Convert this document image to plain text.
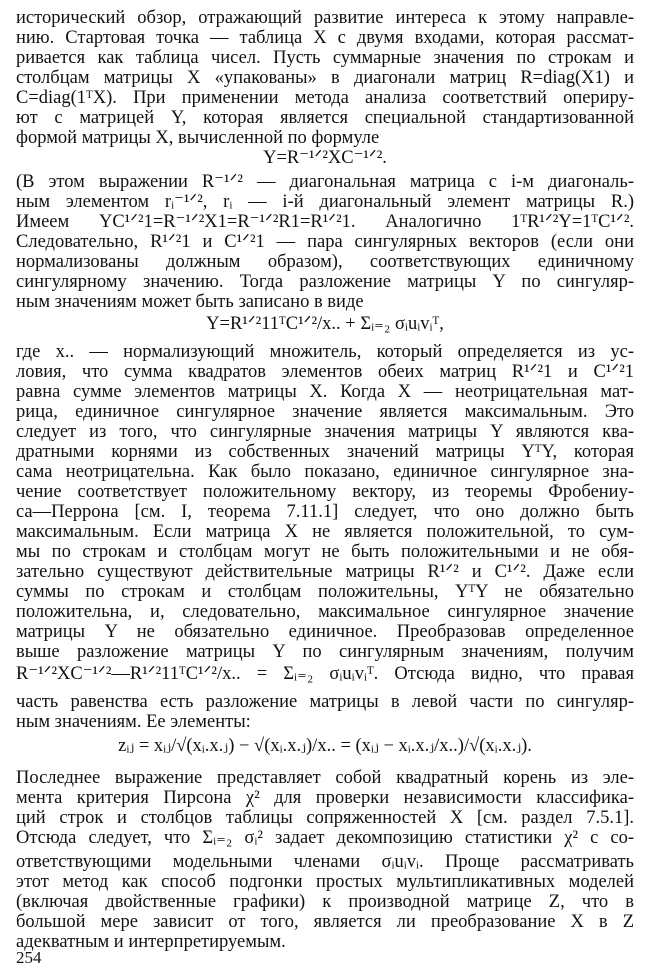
исторический обзор, отражающий развитие интереса к этому направле-
нию. Стартовая точка — таблица X с двумя входами, которая рассмат-
ривается как таблица чисел. Пусть суммарные значения по строкам и
столбцам матрицы X «упакованы» в диагонали матриц R=diag(X1) и
C=diag(1ᵀX). При применении метода анализа соответствий опериру-
ют с матрицей Y, которая является специальной стандартизованной
формой матрицы X, вычисленной по формуле
Y=R⁻¹ᐟ²XC⁻¹ᐟ².
(В этом выражении R⁻¹ᐟ² — диагональная матрица с i-м диагональ-
ным элементом rᵢ⁻¹ᐟ², rᵢ — i-й диагональный элемент матрицы R.)
Имеем YC¹ᐟ²1=R⁻¹ᐟ²X1=R⁻¹ᐟ²R1=R¹ᐟ²1. Аналогично 1ᵀR¹ᐟ²Y=1ᵀC¹ᐟ².
Следовательно, R¹ᐟ²1 и C¹ᐟ²1 — пара сингулярных векторов (если они
нормализованы должным образом), соответствующих единичному
сингулярному значению. Тогда разложение матрицы Y по сингуляр-
ным значениям может быть записано в виде
Y=R¹ᐟ²11ᵀC¹ᐟ²/x.. + Σᵢ₌₂ σᵢuᵢvᵢᵀ,
где x.. — нормализующий множитель, который определяется из ус-
ловия, что сумма квадратов элементов обеих матриц R¹ᐟ²1 и C¹ᐟ²1
равна сумме элементов матрицы X. Когда X — неотрицательная мат-
рица, единичное сингулярное значение является максимальным. Это
следует из того, что сингулярные значения матрицы Y являются ква-
дратными корнями из собственных значений матрицы YᵀY, которая
сама неотрицательна. Как было показано, единичное сингулярное зна-
чение соответствует положительному вектору, из теоремы Фробениу-
са—Перрона [см. I, теорема 7.11.1] следует, что оно должно быть
максимальным. Если матрица X не является положительной, то сум-
мы по строкам и столбцам могут не быть положительными и не обя-
зательно существуют действительные матрицы R¹ᐟ² и C¹ᐟ². Даже если
суммы по строкам и столбцам положительны, YᵀY не обязательно
положительна, и, следовательно, максимальное сингулярное значение
матрицы Y не обязательно единичное. Преобразовав определенное
выше разложение матрицы Y по сингулярным значениям, получим
R⁻¹ᐟ²XC⁻¹ᐟ²—R¹ᐟ²11ᵀC¹ᐟ²/x.. = Σᵢ₌₂ σᵢuᵢvᵢᵀ. Отсюда видно, что правая
часть равенства есть разложение матрицы в левой части по сингуляр-
ным значениям. Ее элементы:
zᵢⱼ = xᵢⱼ/√(xᵢ.x.ⱼ) − √(xᵢ.x.ⱼ)/x.. = (xᵢⱼ − xᵢ.x.ⱼ/x..)/√(xᵢ.x.ⱼ).
Последнее выражение представляет собой квадратный корень из эле-
мента критерия Пирсона χ² для проверки независимости классифика-
ций строк и столбцов таблицы сопряженностей X [см. раздел 7.5.1].
Отсюда следует, что Σᵢ₌₂ σᵢ² задает декомпозицию статистики χ² с со-
ответствующими модельными членами σᵢuᵢvᵢ. Проще рассматривать
этот метод как способ подгонки простых мультипликативных моделей
(включая двойственные графики) к производной матрице Z, что в
большой мере зависит от того, является ли преобразование X в Z
адекватным и интерпретируемым.
254
